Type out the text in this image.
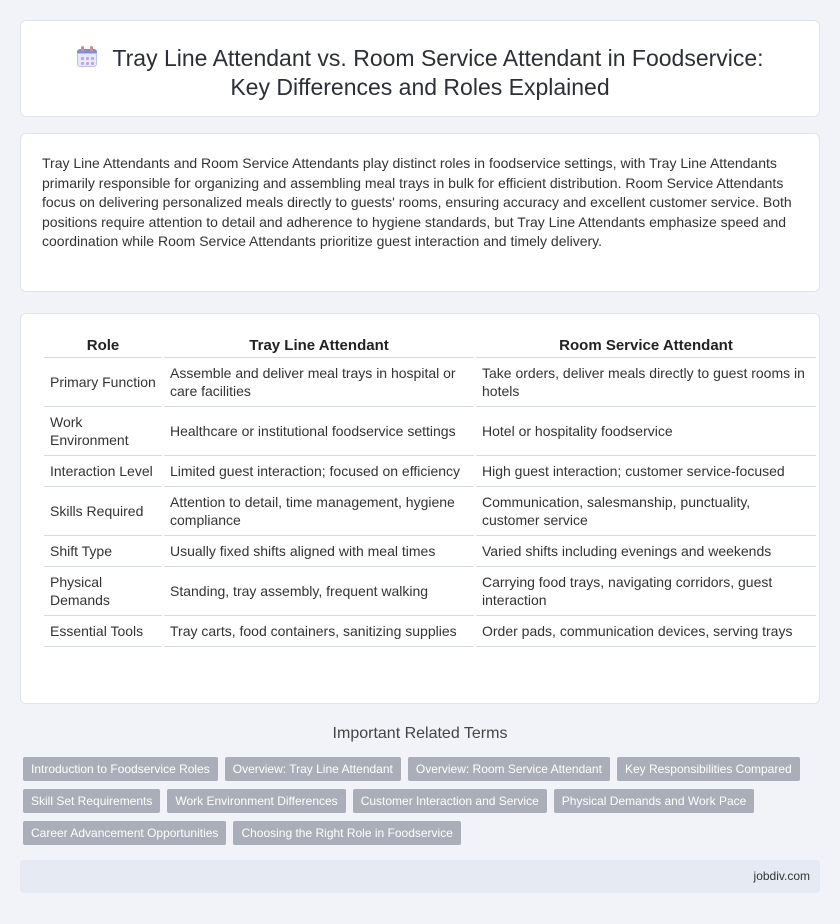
Tray Line Attendant vs. Room Service Attendant in Foodservice: Key Differences and Roles Explained

Tray Line Attendants and Room Service Attendants play distinct roles in foodservice settings, with Tray Line Attendants primarily responsible for organizing and assembling meal trays in bulk for efficient distribution. Room Service Attendants focus on delivering personalized meals directly to guests' rooms, ensuring accuracy and excellent customer service. Both positions require attention to detail and adherence to hygiene standards, but Tray Line Attendants emphasize speed and coordination while Room Service Attendants prioritize guest interaction and timely delivery.

Role	Tray Line Attendant	Room Service Attendant
Primary Function	Assemble and deliver meal trays in hospital or care facilities	Take orders, deliver meals directly to guest rooms in hotels
Work Environment	Healthcare or institutional foodservice settings	Hotel or hospitality foodservice
Interaction Level	Limited guest interaction; focused on efficiency	High guest interaction; customer service-focused
Skills Required	Attention to detail, time management, hygiene compliance	Communication, salesmanship, punctuality, customer service
Shift Type	Usually fixed shifts aligned with meal times	Varied shifts including evenings and weekends
Physical Demands	Standing, tray assembly, frequent walking	Carrying food trays, navigating corridors, guest interaction
Essential Tools	Tray carts, food containers, sanitizing supplies	Order pads, communication devices, serving trays
Important Related Terms
Introduction to Foodservice Roles	Overview: Tray Line Attendant	Overview: Room Service Attendant	Key Responsibilities Compared
Skill Set Requirements	Work Environment Differences	Customer Interaction and Service	Physical Demands and Work Pace
Career Advancement Opportunities	Choosing the Right Role in Foodservice
jobdiv.com
